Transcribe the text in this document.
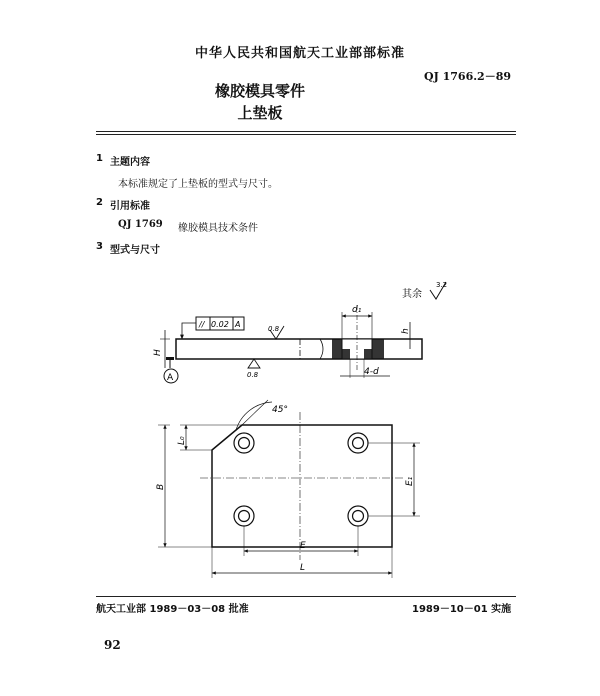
中华人民共和国航天工业部部标准
QJ 1766.2－89
橡胶模具零件
上垫板
1 主题内容
本标准规定了上垫板的型式与尺寸。
2 引用标准
QJ 1769 橡胶模具技术条件
3 型式与尺寸
其余
3.2
// 0.02 A
A
0.8
0.8
H
d₁
h
4-d
45°
L₀
B
E₁
E
L
航天工业部 1989－03－08 批准	1989－10－01 实施
92
